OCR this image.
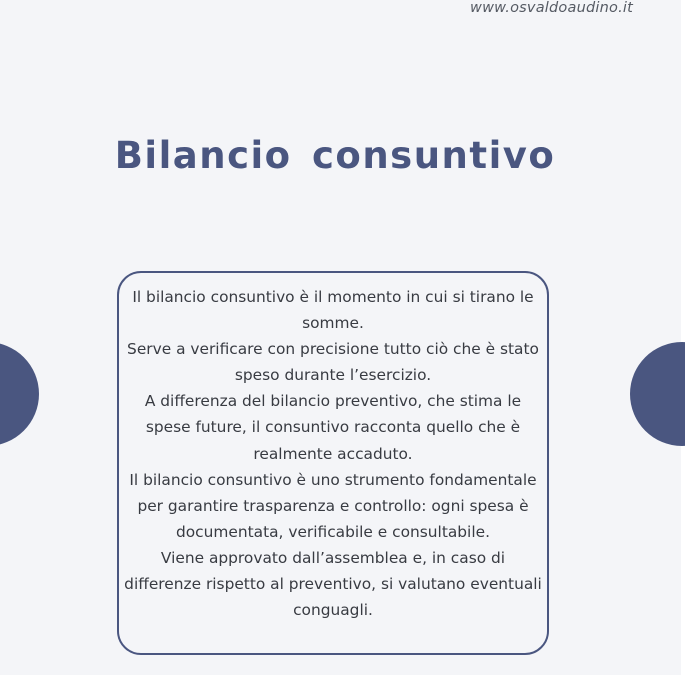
www.osvaldoaudino.it
Bilancio consuntivo

Il bilancio consuntivo è il momento in cui si tirano le somme.

Serve a verificare con precisione tutto ciò che è stato speso durante l’esercizio.

A differenza del bilancio preventivo, che stima le spese future, il consuntivo racconta quello che è realmente accaduto.

Il bilancio consuntivo è uno strumento fondamentale per garantire trasparenza e controllo: ogni spesa è documentata, verificabile e consultabile.

Viene approvato dall’assemblea e, in caso di differenze rispetto al preventivo, si valutano eventuali conguagli.
